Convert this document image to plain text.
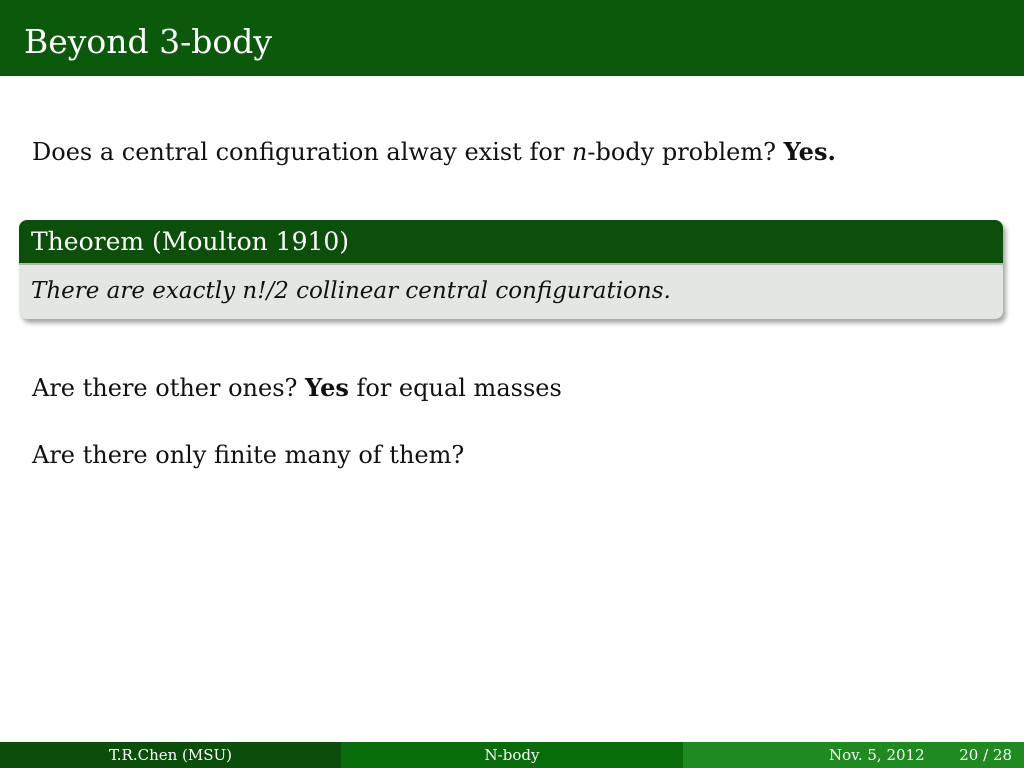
Beyond 3-body
Does a central configuration alway exist for n-body problem? Yes.
Theorem (Moulton 1910)
There are exactly n!/2 collinear central configurations.
Are there other ones? Yes for equal masses
Are there only finite many of them?
T.R.Chen (MSU)	N-body	Nov. 5, 2012 20 / 28
